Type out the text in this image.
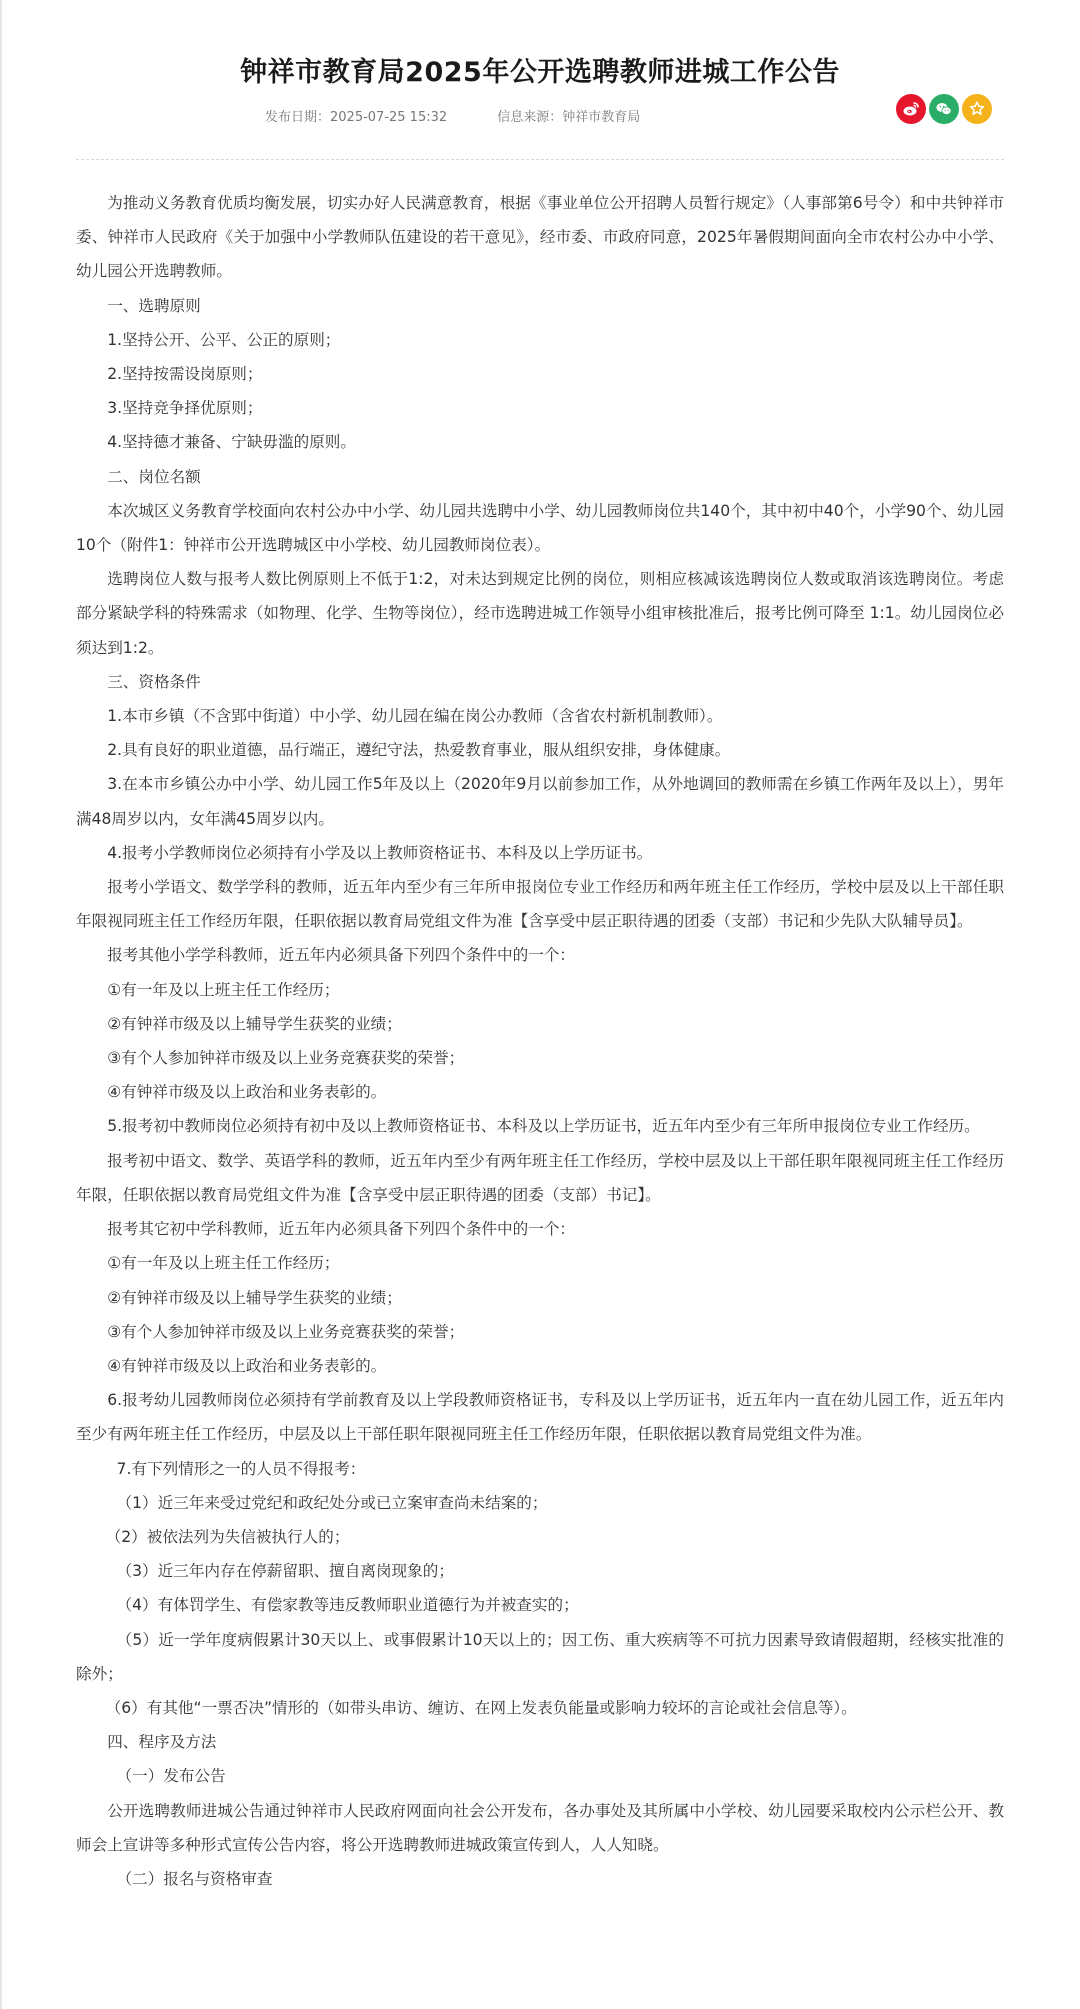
钟祥市教育局2025年公开选聘教师进城工作公告
发布日期：2025-07-25 15:32	信息来源：钟祥市教育局

为推动义务教育优质均衡发展，切实办好人民满意教育，根据《事业单位公开招聘人员暂行规定》（人事部第6号令）和中共钟祥市委、钟祥市人民政府《关于加强中小学教师队伍建设的若干意见》，经市委、市政府同意，2025年暑假期间面向全市农村公办中小学、幼儿园公开选聘教师。

一、选聘原则

1.坚持公开、公平、公正的原则；

2.坚持按需设岗原则；

3.坚持竞争择优原则；

4.坚持德才兼备、宁缺毋滥的原则。

二、岗位名额

本次城区义务教育学校面向农村公办中小学、幼儿园共选聘中小学、幼儿园教师岗位共140个，其中初中40个，小学90个、幼儿园10个（附件1：钟祥市公开选聘城区中小学校、幼儿园教师岗位表）。

选聘岗位人数与报考人数比例原则上不低于1:2，对未达到规定比例的岗位，则相应核减该选聘岗位人数或取消该选聘岗位。考虑部分紧缺学科的特殊需求（如物理、化学、生物等岗位），经市选聘进城工作领导小组审核批准后，报考比例可降至 1:1。幼儿园岗位必须达到1:2。

三、资格条件

1.本市乡镇（不含郢中街道）中小学、幼儿园在编在岗公办教师（含省农村新机制教师）。

2.具有良好的职业道德，品行端正，遵纪守法，热爱教育事业，服从组织安排，身体健康。

3.在本市乡镇公办中小学、幼儿园工作5年及以上（2020年9月以前参加工作，从外地调回的教师需在乡镇工作两年及以上），男年满48周岁以内，女年满45周岁以内。

4.报考小学教师岗位必须持有小学及以上教师资格证书、本科及以上学历证书。

报考小学语文、数学学科的教师，近五年内至少有三年所申报岗位专业工作经历和两年班主任工作经历，学校中层及以上干部任职年限视同班主任工作经历年限，任职依据以教育局党组文件为准【含享受中层正职待遇的团委（支部）书记和少先队大队辅导员】。

报考其他小学学科教师，近五年内必须具备下列四个条件中的一个：

①有一年及以上班主任工作经历；

②有钟祥市级及以上辅导学生获奖的业绩；

③有个人参加钟祥市级及以上业务竞赛获奖的荣誉；

④有钟祥市级及以上政治和业务表彰的。

5.报考初中教师岗位必须持有初中及以上教师资格证书、本科及以上学历证书，近五年内至少有三年所申报岗位专业工作经历。

报考初中语文、数学、英语学科的教师，近五年内至少有两年班主任工作经历，学校中层及以上干部任职年限视同班主任工作经历年限，任职依据以教育局党组文件为准【含享受中层正职待遇的团委（支部）书记】。

报考其它初中学科教师，近五年内必须具备下列四个条件中的一个：

①有一年及以上班主任工作经历；

②有钟祥市级及以上辅导学生获奖的业绩；

③有个人参加钟祥市级及以上业务竞赛获奖的荣誉；

④有钟祥市级及以上政治和业务表彰的。

6.报考幼儿园教师岗位必须持有学前教育及以上学段教师资格证书，专科及以上学历证书，近五年内一直在幼儿园工作，近五年内至少有两年班主任工作经历，中层及以上干部任职年限视同班主任工作经历年限，任职依据以教育局党组文件为准。

7.有下列情形之一的人员不得报考：

（1）近三年来受过党纪和政纪处分或已立案审查尚未结案的；

（2）被依法列为失信被执行人的；

（3）近三年内存在停薪留职、擅自离岗现象的；

（4）有体罚学生、有偿家教等违反教师职业道德行为并被查实的；

（5）近一学年度病假累计30天以上、或事假累计10天以上的；因工伤、重大疾病等不可抗力因素导致请假超期，经核实批准的除外；

（6）有其他“一票否决”情形的（如带头串访、缠访、在网上发表负能量或影响力较坏的言论或社会信息等）。

四、程序及方法

（一）发布公告

公开选聘教师进城公告通过钟祥市人民政府网面向社会公开发布，各办事处及其所属中小学校、幼儿园要采取校内公示栏公开、教师会上宣讲等多种形式宣传公告内容，将公开选聘教师进城政策宣传到人，人人知晓。

（二）报名与资格审查
